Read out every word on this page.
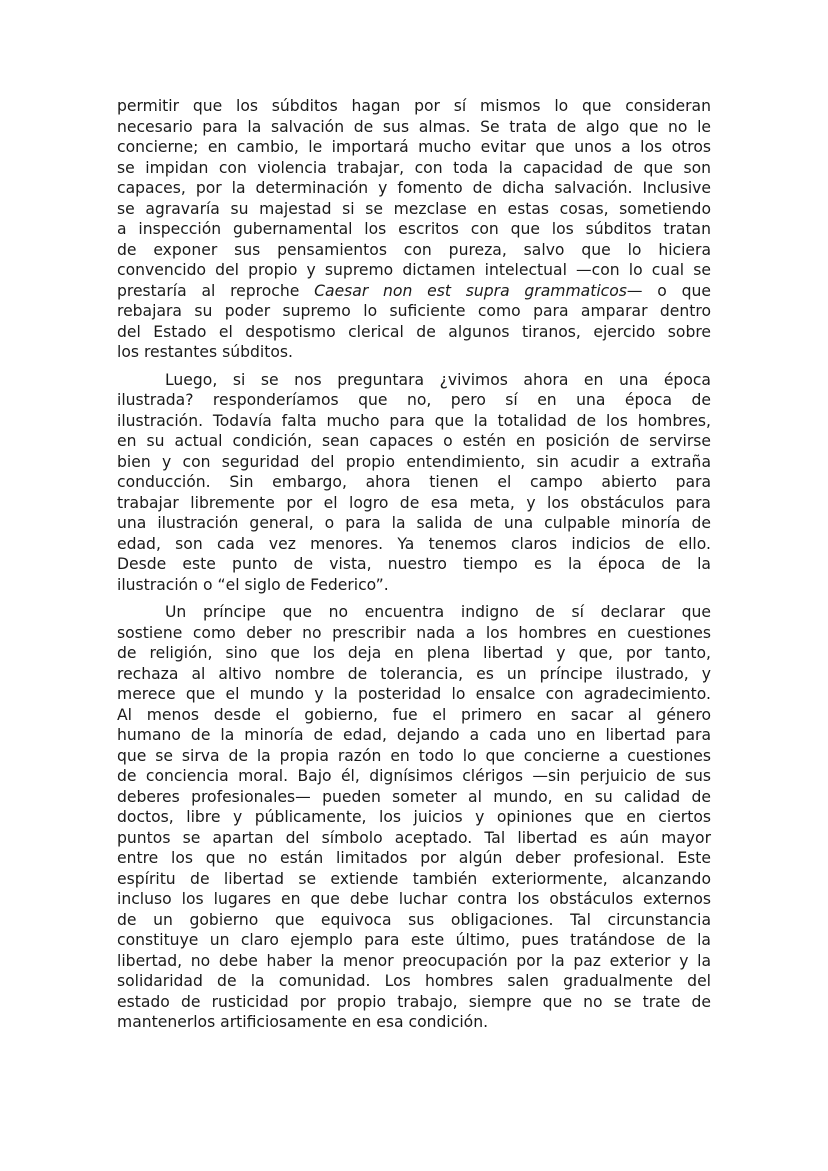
permitir que los súbditos hagan por sí mismos lo que consideran
necesario para la salvación de sus almas. Se trata de algo que no le
concierne; en cambio, le importará mucho evitar que unos a los otros
se impidan con violencia trabajar, con toda la capacidad de que son
capaces, por la determinación y fomento de dicha salvación. Inclusive
se agravaría su majestad si se mezclase en estas cosas, sometiendo
a inspección gubernamental los escritos con que los súbditos tratan
de exponer sus pensamientos con pureza, salvo que lo hiciera
convencido del propio y supremo dictamen intelectual —con lo cual se
prestaría al reproche Caesar non est supra grammaticos— o que
rebajara su poder supremo lo suficiente como para amparar dentro
del Estado el despotismo clerical de algunos tiranos, ejercido sobre
los restantes súbditos.
Luego, si se nos preguntara ¿vivimos ahora en una época
ilustrada? responderíamos que no, pero sí en una época de
ilustración. Todavía falta mucho para que la totalidad de los hombres,
en su actual condición, sean capaces o estén en posición de servirse
bien y con seguridad del propio entendimiento, sin acudir a extraña
conducción. Sin embargo, ahora tienen el campo abierto para
trabajar libremente por el logro de esa meta, y los obstáculos para
una ilustración general, o para la salida de una culpable minoría de
edad, son cada vez menores. Ya tenemos claros indicios de ello.
Desde este punto de vista, nuestro tiempo es la época de la
ilustración o “el siglo de Federico”.
Un príncipe que no encuentra indigno de sí declarar que
sostiene como deber no prescribir nada a los hombres en cuestiones
de religión, sino que los deja en plena libertad y que, por tanto,
rechaza al altivo nombre de tolerancia, es un príncipe ilustrado, y
merece que el mundo y la posteridad lo ensalce con agradecimiento.
Al menos desde el gobierno, fue el primero en sacar al género
humano de la minoría de edad, dejando a cada uno en libertad para
que se sirva de la propia razón en todo lo que concierne a cuestiones
de conciencia moral. Bajo él, dignísimos clérigos —sin perjuicio de sus
deberes profesionales— pueden someter al mundo, en su calidad de
doctos, libre y públicamente, los juicios y opiniones que en ciertos
puntos se apartan del símbolo aceptado. Tal libertad es aún mayor
entre los que no están limitados por algún deber profesional. Este
espíritu de libertad se extiende también exteriormente, alcanzando
incluso los lugares en que debe luchar contra los obstáculos externos
de un gobierno que equivoca sus obligaciones. Tal circunstancia
constituye un claro ejemplo para este último, pues tratándose de la
libertad, no debe haber la menor preocupación por la paz exterior y la
solidaridad de la comunidad. Los hombres salen gradualmente del
estado de rusticidad por propio trabajo, siempre que no se trate de
mantenerlos artificiosamente en esa condición.
